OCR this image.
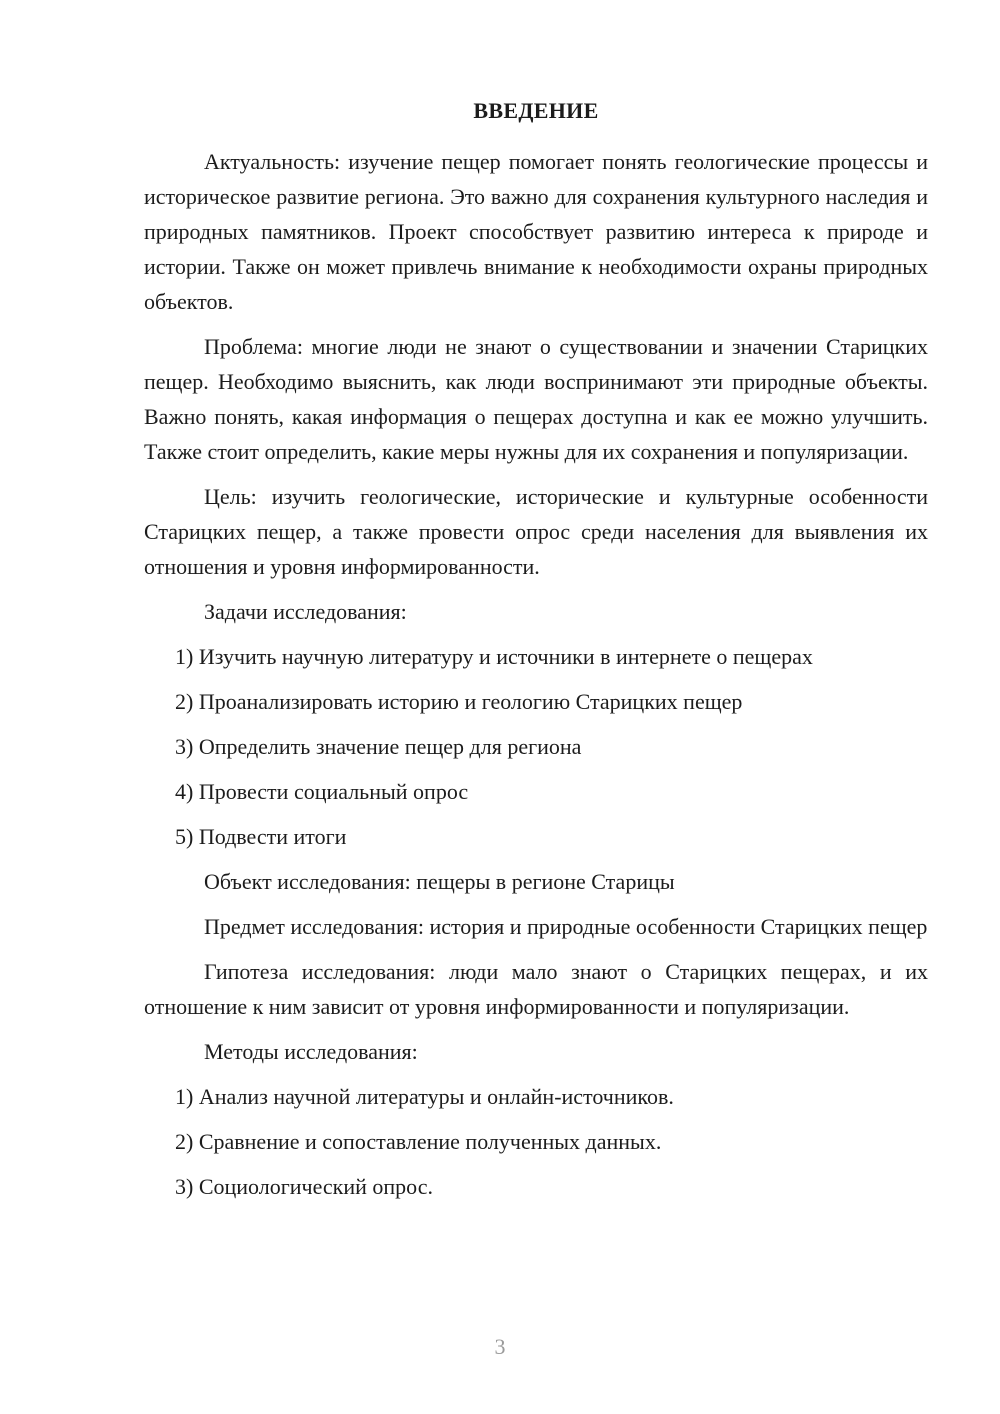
ВВЕДЕНИЕ

Актуальность: изучение пещер помогает понять геологические процессы и историческое развитие региона. Это важно для сохранения культурного наследия и природных памятников. Проект способствует развитию интереса к природе и истории. Также он может привлечь внимание к необходимости охраны природных объектов.

Проблема: многие люди не знают о существовании и значении Старицких пещер. Необходимо выяснить, как люди воспринимают эти природные объекты. Важно понять, какая информация о пещерах доступна и как ее можно улучшить. Также стоит определить, какие меры нужны для их сохранения и популяризации.

Цель: изучить геологические, исторические и культурные особенности Старицких пещер, а также провести опрос среди населения для выявления их отношения и уровня информированности.

Задачи исследования:

1) Изучить научную литературу и источники в интернете о пещерах

2) Проанализировать историю и геологию Старицких пещер

3) Определить значение пещер для региона

4) Провести социальный опрос

5) Подвести итоги

Объект исследования: пещеры в регионе Старицы

Предмет исследования: история и природные особенности Старицких пещер

Гипотеза исследования: люди мало знают о Старицких пещерах, и их отношение к ним зависит от уровня информированности и популяризации.

Методы исследования:

1) Анализ научной литературы и онлайн-источников.

2) Сравнение и сопоставление полученных данных.

3) Социологический опрос.

3
